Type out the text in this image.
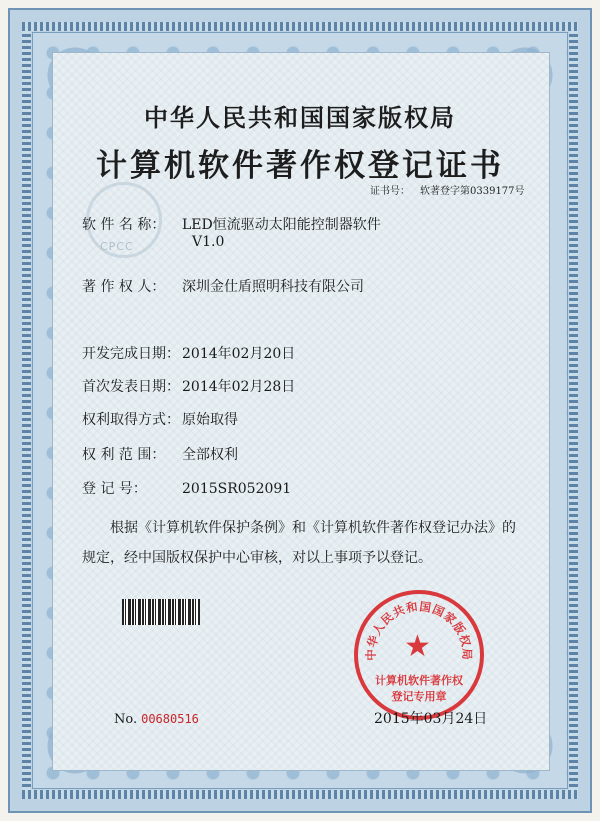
CPCC
中华人民共和国国家版权局
计算机软件著作权登记证书
证书号： 软著登字第0339177号
软 件 名 称： LED恒流驱动太阳能控制器软件
V1.0
著 作 权 人： 深圳金仕盾照明科技有限公司
开发完成日期： 2014年02月20日
首次发表日期： 2014年02月28日
权利取得方式： 原始取得
权 利 范 围： 全部权利
登 记 号：	2015SR052091
根据《计算机软件保护条例》和《计算机软件著作权登记办法》的
规定，经中国版权保护中心审核，对以上事项予以登记。
中华人民共和国国家版权局
★
计算机软件著作权
登记专用章
No. 00680516	2015年03月24日
